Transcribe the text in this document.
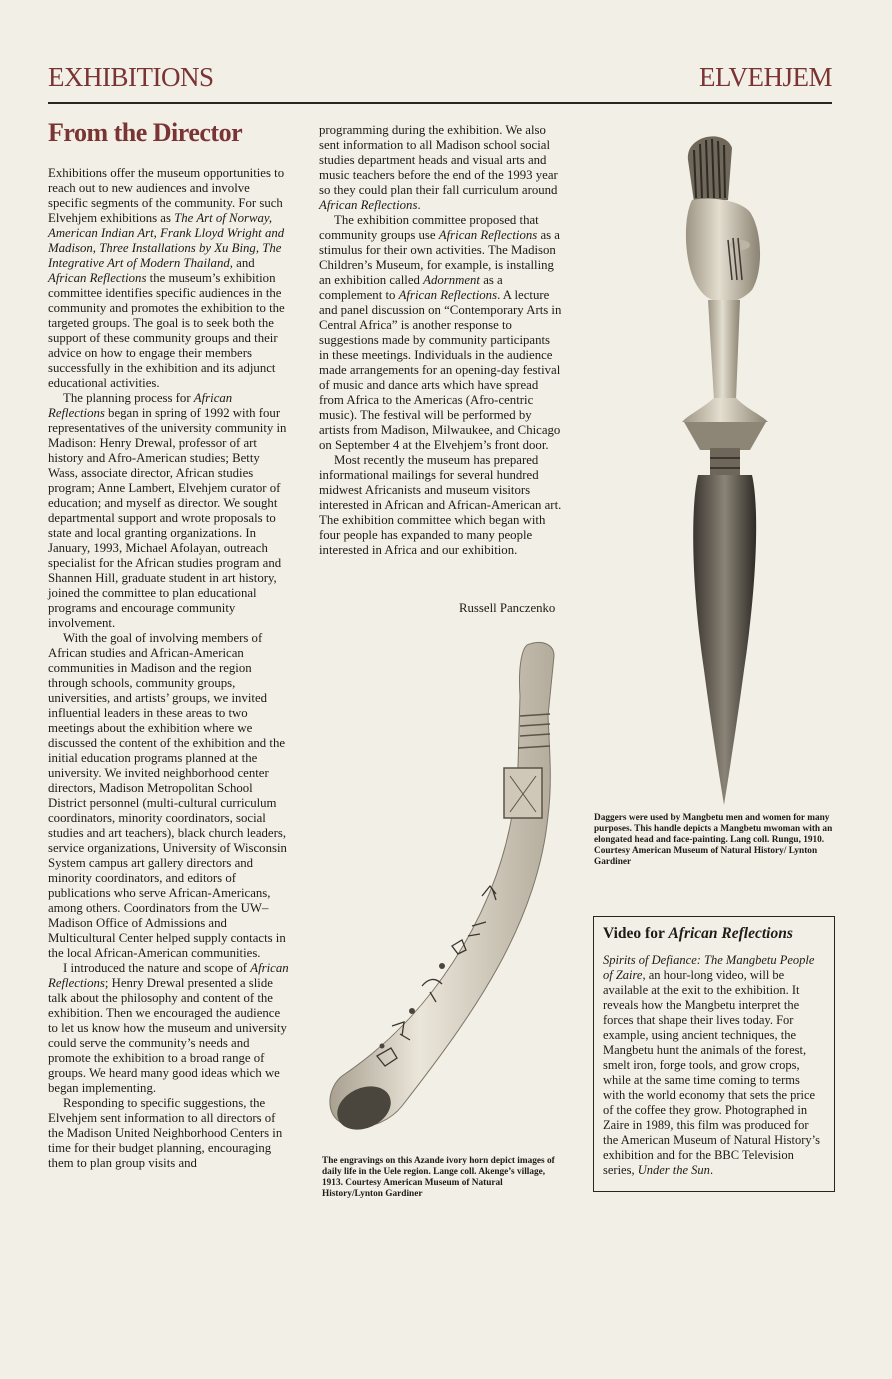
EXHIBITIONS	ELVEHJEM
From the Director

Exhibitions offer the museum opportunities to reach out to new audiences and involve specific segments of the community. For such Elvehjem exhibitions as The Art of Norway, American Indian Art, Frank Lloyd Wright and Madison, Three Installations by Xu Bing, The Integrative Art of Modern Thailand, and African Reflections the museum’s exhibition committee identifies specific audiences in the community and promotes the exhibition to the targeted groups. The goal is to seek both the support of these community groups and their advice on how to engage their members successfully in the exhibition and its adjunct educational activities.

The planning process for African Reflections began in spring of 1992 with four representatives of the university community in Madison: Henry Drewal, professor of art history and Afro-American studies; Betty Wass, associate director, African studies program; Anne Lambert, Elvehjem curator of education; and myself as director. We sought departmental support and wrote proposals to state and local granting organizations. In January, 1993, Michael Afolayan, outreach specialist for the African studies program and Shannen Hill, graduate student in art history, joined the committee to plan educational programs and encourage community involvement.

With the goal of involving members of African studies and African-American communities in Madison and the region through schools, community groups, universities, and artists’ groups, we invited influential leaders in these areas to two meetings about the exhibition where we discussed the content of the exhibition and the initial education programs planned at the university. We invited neighborhood center directors, Madison Metropolitan School District personnel (multi-cultural curriculum coordinators, minority coordinators, social studies and art teachers), black church leaders, service organizations, University of Wisconsin System campus art gallery directors and minority coordinators, and editors of publications who serve African-Americans, among others. Coordinators from the UW–Madison Office of Admissions and Multicultural Center helped supply contacts in the local African-American communities.

I introduced the nature and scope of African Reflections; Henry Drewal presented a slide talk about the philosophy and content of the exhibition. Then we encouraged the audience to let us know how the museum and university could serve the community’s needs and promote the exhibition to a broad range of groups. We heard many good ideas which we began implementing.

Responding to specific suggestions, the Elvehjem sent information to all directors of the Madison United Neighborhood Centers in time for their budget planning, encouraging them to plan group visits and

programming during the exhibition. We also sent information to all Madison school social studies department heads and visual arts and music teachers before the end of the 1993 year so they could plan their fall curriculum around African Reflections.

The exhibition committee proposed that community groups use African Reflections as a stimulus for their own activities. The Madison Children’s Museum, for example, is installing an exhibition called Adornment as a complement to African Reflections. A lecture and panel discussion on “Contemporary Arts in Central Africa” is another response to suggestions made by community participants in these meetings. Individuals in the audience made arrangements for an opening-day festival of music and dance arts which have spread from Africa to the Americas (Afro-centric music). The festival will be performed by artists from Madison, Milwaukee, and Chicago on September 4 at the Elvehjem’s front door.

Most recently the museum has prepared informational mailings for several hundred midwest Africanists and museum visitors interested in African and African-American art. The exhibition committee which began with four people has expanded to many people interested in Africa and our exhibition.

Russell Panczenko
The engravings on this Azande ivory horn depict images of daily life in the Uele region. Lange coll. Akenge’s village, 1913. Courtesy American Museum of Natural History/Lynton Gardiner
Daggers were used by Mangbetu men and women for many purposes. This handle depicts a Mangbetu mwoman with an elongated head and face-painting. Lang coll. Rungu, 1910. Courtesy American Museum of Natural History/ Lynton Gardiner
Video for African Reflections
Spirits of Defiance: The Mangbetu People of Zaire, an hour-long video, will be available at the exit to the exhibition. It reveals how the Mangbetu interpret the forces that shape their lives today. For example, using ancient techniques, the Mangbetu hunt the animals of the forest, smelt iron, forge tools, and grow crops, while at the same time coming to terms with the world economy that sets the price of the coffee they grow. Photographed in Zaire in 1989, this film was produced for the American Museum of Natural History’s exhibition and for the BBC Television series, Under the Sun.
